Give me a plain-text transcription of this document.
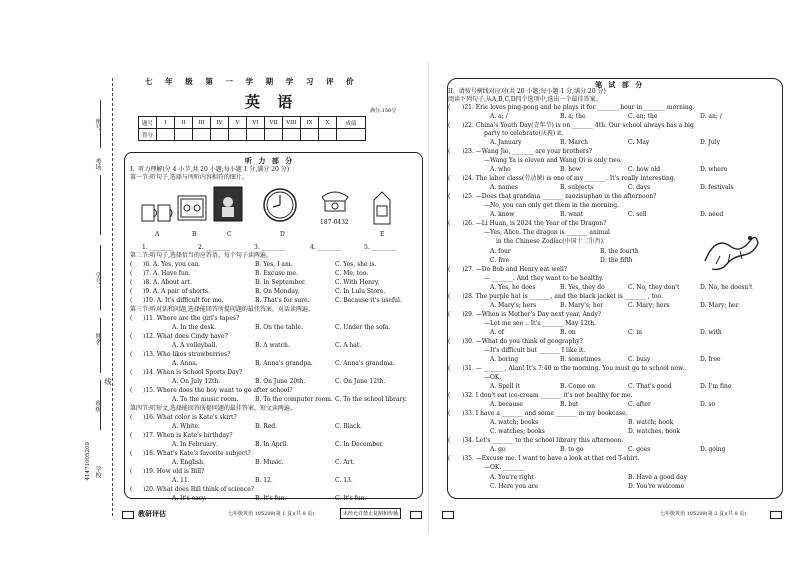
座号
考场
学号
姓名
班级
线
学校
41471005209
七 年 级 第 一 学 期 学 习 评 价
英 语	满分:150分
题号	I	II	III	IV	V	VI	VII	VIII	IX	X	成绩
得分											
听 力 部 分
I、听力理解(分 4 小节,共 20 小题;每小题 1 分,满分 20 分)
第一节:听句子,选择与所听内容相符的图片。
187-0432
A	B	C	D	E
1. ________	2. ________	3. ________	4. ________	5. ________
第二节:听句子,选择恰当的应答语。每个句子读两遍。
( )6. A. Yes, you can.	B. Yes, I am.	C. Yes, she is.
( )7. A. Have fun.	B. Excuse me.	C. Me, too.
( )8. A. About art.	B. In September.	C. With Henry.
( )9. A. A pair of shorts.	B. On Monday.	C. In Lulu Store.
( )10. A. It's difficult for me.	B. That's for sure.	C. Because it's useful.
第三节:听对话和问题,选择能回答所提问题的最佳答案。对话读两遍。
( )11. Where are the girl's tapes?
A. In the desk.	B. On the table.	C. Under the sofa.
( )12. What does Cindy have?
A. A volleyball.	B. A watch.	C. A hat.
( )13. Who likes strawberries?
A. Anna.	B. Anna's grandpa.	C. Anna's grandma.
( )14. When is School Sports Day?
A. On July 12th.	B. On June 20th.	C. On June 12th.
( )15. Where does the boy want to go after school?
A. To the music room.	B. To the computer room. C. To the school library.
第四节:听短文,选择能回答所提问题的最佳答案。短文读两遍。
( )16. What color is Kate's skirt?
A. White.	B. Red.	C. Black.
( )17. When is Kate's birthday?
A. In February.	B. In April.	C. In December.
( )18. What's Kate's favorite subject?
A. English.	B. Music.	C. Art.
( )19. How old is Bill?
A. 11.	B. 12.	C. 13.
( )20. What does Bill think of science?
A. It's easy.	B. It's fun.	C. It's fun.
教研评估	七年级英语 105209(第 1 页)(共 8 页)	未经允许禁止复制和传播
笔 试 部 分
II、请按号横线对应对(共 20 小题;每小题 1 分,满分 20 分)
阅读下列句子,从A,B,C,D四个选项中,选出一个最佳答案。
( )21. Eric loves ping-pong and he plays it for _______ hour in _______ morning.
A. a; /	B. a; the	C. an; the	D. an; /
( )22. China's Youth Day(青年节) is on _______ 4th. Our school always has a big
party to celebrate(庆祝) it.
A. January	B. March	C. May	D. July
( )23. —Wang Jie, _______ are your brothers?
—Wang Ya is eleven and Wang Qi is only two.
A. who	B. how	C. how old	D. where
( )24. The labor class(劳动课) is one of my _______. It's really interesting.
A. names	B. subjects	C. days	D. festivals
( )25. —Does that grandma _______ zaozisuphao in the afternoon?
—No, you can only get them in the morning.
A. know	B. want	C. sell	D. need
( )26. —Li Huan, is 2024 the Year of the Dragon?
—Yes, Alice. The dragon is _______ animal
in the Chinese Zodiac(中国十二生肖).
A. four	B. the fourth
C. five	D. the fifth
( )27. —Do Bob and Henry eat well?
— _______. And they want to be healthy.
A. Yes, he does	B. Yes, they do	C. No, they don't	D. No, he doesn't
( )28. The purple hat is _______, and the black jacket is _______ , too.
A. Mary's; hers	B. Mary's; her	C. Mary; hers	D. Mary; her
( )29. —When is Mother's Day next year, Andy?
—Let me see .. It's _______ May 12th.
A. of	B. on	C. in	D. with
( )30. —What do you think of geography?
—It's difficult but _______ I like it.
A. boring	B. sometimes	C. busy	D. free
( )31. — _______, Alan! It's 7:40 in the morning. You must go to school now.
—OK.
A. Spell it	B. Come on	C. That's good	D. I'm fine
( )32. I don't eat ice-cream _______ it's not healthy for me.
A. because	B. but	C. after	D. so
( )33. I have a _______ and some _______ in my bookcase.
A. watch; books	B. watch; book
C. watches; books	D. watches; book
( )34. Let's _______ to the school library this afternoon.
A. go	B. to go	C. goes	D. going
( )35. —Excuse me. I want to have a look at that red T-shirt.
—OK. _______
A. You're right	B. Have a good day
C. Here you are	D. You're welcome
七年级英语 105209(第 2 页)(共 8 页)
